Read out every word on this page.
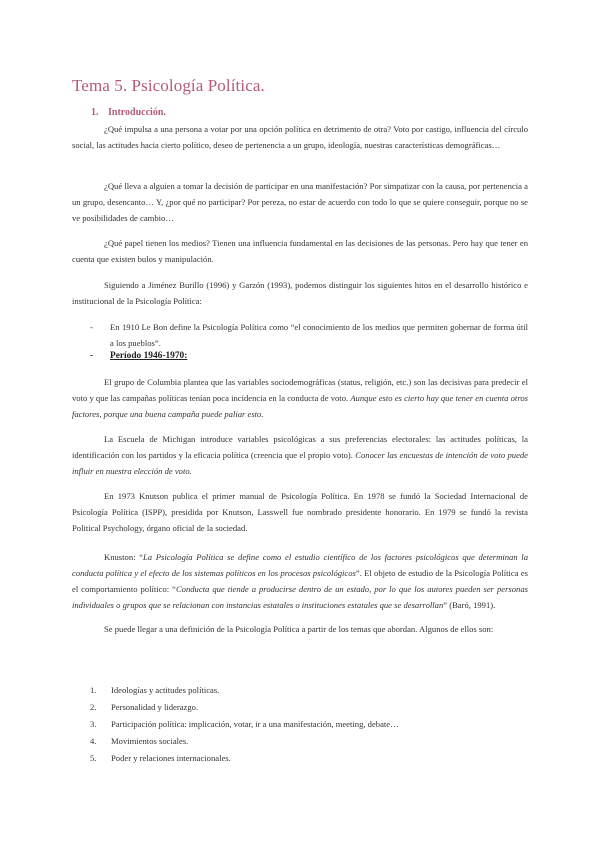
Tema 5. Psicología Política.
1. Introducción.

¿Qué impulsa a una persona a votar por una opción política en detrimento de otra? Voto por castigo, influencia del círculo social, las actitudes hacia cierto político, deseo de pertenencia a un grupo, ideología, nuestras características demográficas…

¿Qué lleva a alguien a tomar la decisión de participar en una manifestación? Por simpatizar con la causa, por pertenencia a un grupo, desencanto… Y, ¿por qué no participar? Por pereza, no estar de acuerdo con todo lo que se quiere conseguir, porque no se ve posibilidades de cambio…

¿Qué papel tienen los medios? Tienen una influencia fundamental en las decisiones de las personas. Pero hay que tener en cuenta que existen bulos y manipulación.

Siguiendo a Jiménez Burillo (1996) y Garzón (1993), podemos distinguir los siguientes hitos en el desarrollo histórico e institucional de la Psicología Política:

- En 1910 Le Bon define la Psicología Política como “el conocimiento de los medios que permiten gobernar de forma útil a los pueblos”.

- Período 1946-1970:

El grupo de Columbia plantea que las variables sociodemográficas (status, religión, etc.) son las decisivas para predecir el voto y que las campañas políticas tenían poca incidencia en la conducta de voto. Aunque esto es cierto hay que tener en cuenta otros factores, porque una buena campaña puede paliar esto.

La Escuela de Michigan introduce variables psicológicas a sus preferencias electorales: las actitudes políticas, la identificación con los partidos y la eficacia política (creencia que el propio voto). Conocer las encuestas de intención de voto puede influir en nuestra elección de voto.

En 1973 Knutson publica el primer manual de Psicología Política. En 1978 se fundó la Sociedad Internacional de Psicología Política (ISPP), presidida por Knutson, Lasswell fue nombrado presidente honorario. En 1979 se fundó la revista Political Psychology, órgano oficial de la sociedad.

Knuston: “La Psicología Política se define como el estudio científico de los factores psicológicos que determinan la conducta política y el efecto de los sistemas políticos en los procesos psicológicos”. El objeto de estudio de la Psicología Política es el comportamiento político: “Conducta que tiende a producirse dentro de un estado, por lo que los autores pueden ser personas individuales o grupos que se relacionan con instancias estatales o instituciones estatales que se desarrollan” (Baró, 1991).

Se puede llegar a una definición de la Psicología Política a partir de los temas que abordan. Algunos de ellos son:

1. Ideologías y actitudes políticas.
2. Personalidad y liderazgo.
3. Participación política: implicación, votar, ir a una manifestación, meeting, debate…
4. Movimientos sociales.
5. Poder y relaciones internacionales.
